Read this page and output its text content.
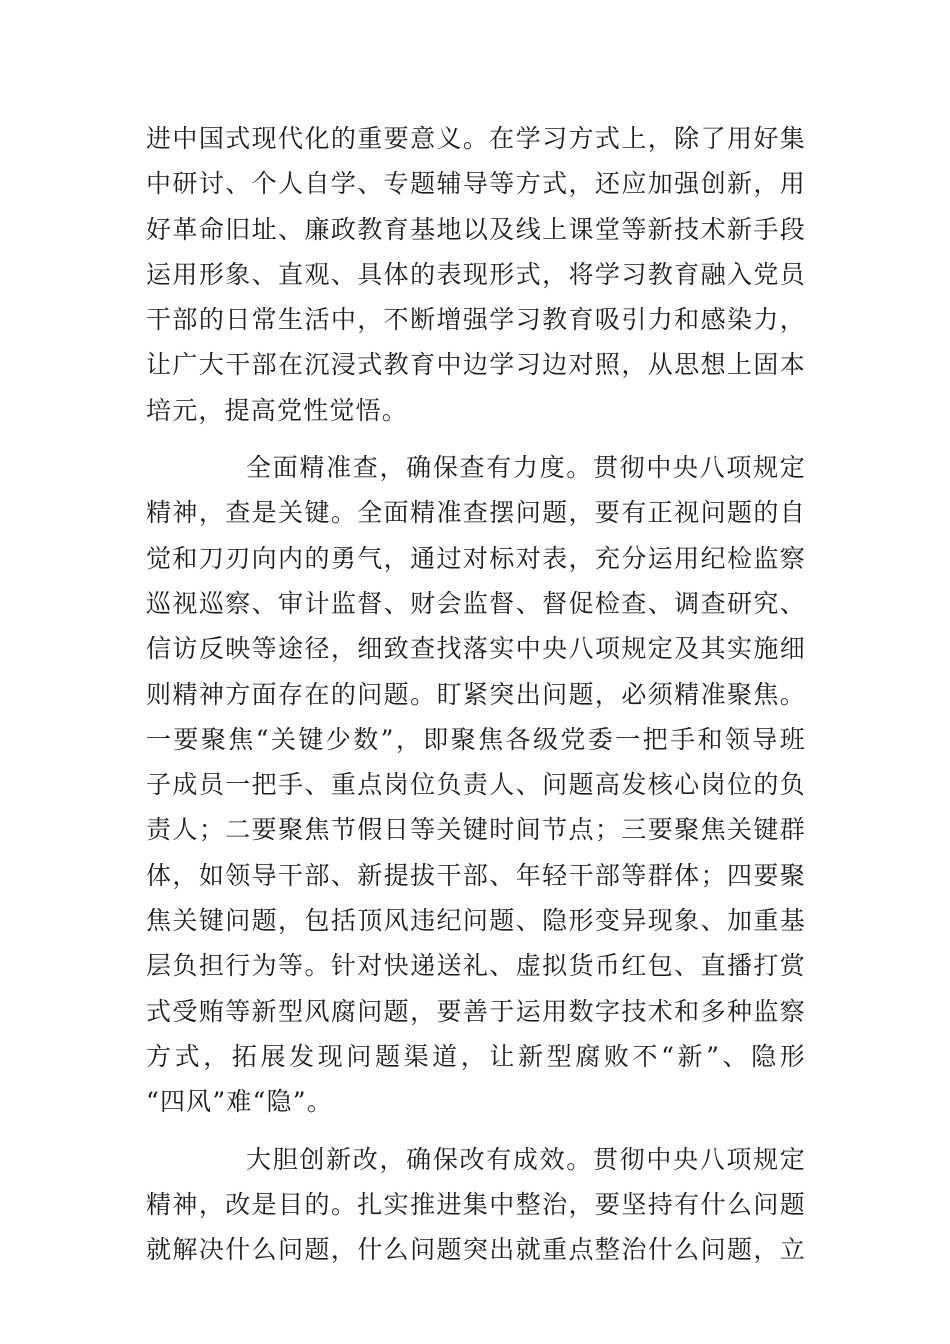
进中国式现代化的重要意义。在学习方式上，除了用好集
中研讨、个人自学、专题辅导等方式，还应加强创新，用
好革命旧址、廉政教育基地以及线上课堂等新技术新手段
运用形象、直观、具体的表现形式，将学习教育融入党员
干部的日常生活中，不断增强学习教育吸引力和感染力，
让广大干部在沉浸式教育中边学习边对照，从思想上固本
培元，提高党性觉悟。
全面精准查，确保查有力度。贯彻中央八项规定
精神，查是关键。全面精准查摆问题，要有正视问题的自
觉和刀刃向内的勇气，通过对标对表，充分运用纪检监察
巡视巡察、审计监督、财会监督、督促检查、调查研究、
信访反映等途径，细致查找落实中央八项规定及其实施细
则精神方面存在的问题。盯紧突出问题，必须精准聚焦。
一要聚焦“关键少数”，即聚焦各级党委一把手和领导班
子成员一把手、重点岗位负责人、问题高发核心岗位的负
责人；二要聚焦节假日等关键时间节点；三要聚焦关键群
体，如领导干部、新提拔干部、年轻干部等群体；四要聚
焦关键问题，包括顶风违纪问题、隐形变异现象、加重基
层负担行为等。针对快递送礼、虚拟货币红包、直播打赏
式受贿等新型风腐问题，要善于运用数字技术和多种监察
方式，拓展发现问题渠道，让新型腐败不“新”、隐形
“四风”难“隐”。
大胆创新改，确保改有成效。贯彻中央八项规定
精神，改是目的。扎实推进集中整治，要坚持有什么问题
就解决什么问题，什么问题突出就重点整治什么问题，立
